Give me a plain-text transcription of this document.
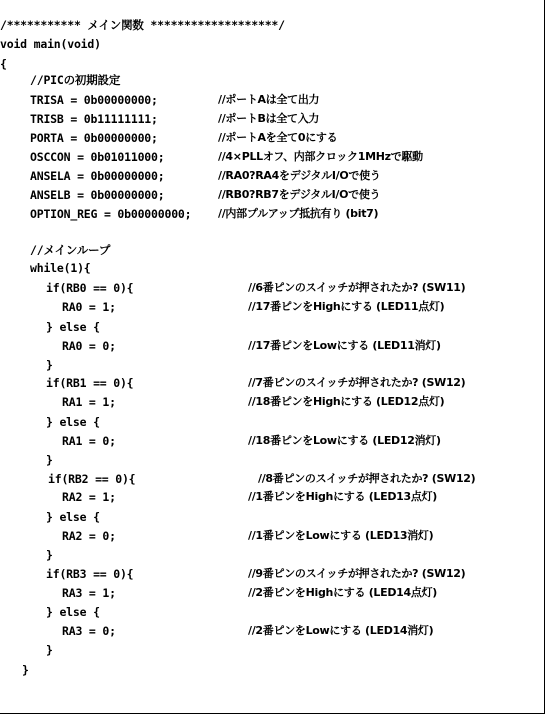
/*********** メイン関数 *******************/
void main(void)
{
//PICの初期設定
TRISA = 0b00000000;	//ポートAは全て出力
TRISB = 0b11111111;	//ポートBは全て入力
PORTA = 0b00000000;	//ポートAを全て0にする
OSCCON = 0b01011000;	//4×PLLオフ、内部クロック1MHzで駆動
ANSELA = 0b00000000;	//RA0?RA4をデジタルI/Oで使う
ANSELB = 0b00000000;	//RB0?RB7をデジタルI/Oで使う
OPTION_REG = 0b00000000; //内部プルアップ抵抗有り (bit7)
//メインループ
while(1){
if(RB0 == 0){	//6番ピンのスイッチが押されたか? (SW11)
RA0 = 1;	//17番ピンをHighにする (LED11点灯)
} else {
RA0 = 0;	//17番ピンをLowにする (LED11消灯)
}
if(RB1 == 0){	//7番ピンのスイッチが押されたか? (SW12)
RA1 = 1;	//18番ピンをHighにする (LED12点灯)
} else {
RA1 = 0;	//18番ピンをLowにする (LED12消灯)
}
if(RB2 == 0){	//8番ピンのスイッチが押されたか? (SW12)
RA2 = 1;	//1番ピンをHighにする (LED13点灯)
} else {
RA2 = 0;	//1番ピンをLowにする (LED13消灯)
}
if(RB3 == 0){	//9番ピンのスイッチが押されたか? (SW12)
RA3 = 1;	//2番ピンをHighにする (LED14点灯)
} else {
RA3 = 0;	//2番ピンをLowにする (LED14消灯)
}
}
